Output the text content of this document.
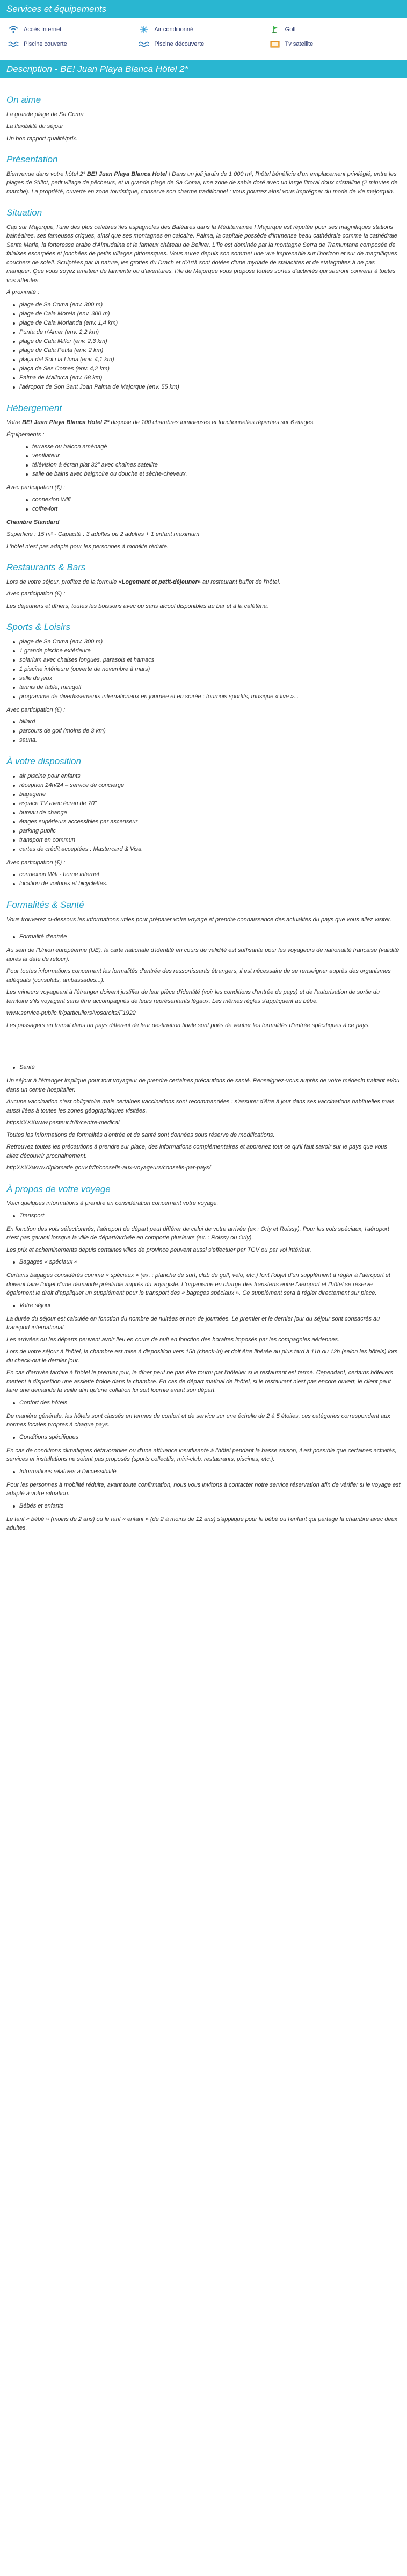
Services et équipements
Accès Internet	Air conditionné	Golf
Piscine couverte	Piscine découverte	Tv satellite
Description - BE! Juan Playa Blanca Hôtel 2*
On aime

La grande plage de Sa Coma

La flexibilité du séjour

Un bon rapport qualité/prix.

Présentation

Bienvenue dans votre hôtel 2* BE! Juan Playa Blanca Hotel ! Dans un joli jardin de 1 000 m², l'hôtel bénéficie d'un emplacement privilégié, entre les plages de S'Illot, petit village de pêcheurs, et la grande plage de Sa Coma, une zone de sable doré avec un large littoral doux cristalline (2 minutes de marche). La propriété, ouverte en zone touristique, conserve son charme traditionnel : vous pourrez ainsi vous imprégner du mode de vie majorquin.

Situation

Cap sur Majorque, l'une des plus célèbres îles espagnoles des Baléares dans la Méditerranée ! Majorque est réputée pour ses magnifiques stations balnéaires, ses fameuses criques, ainsi que ses montagnes en calcaire. Palma, la capitale possède d'immense beau cathédrale comme la cathédrale Santa Maria, la forteresse arabe d'Almudaina et le fameux château de Bellver. L'île est dominée par la montagne Serra de Tramuntana composée de falaises escarpées et jonchées de petits villages pittoresques. Vous aurez depuis son sommet une vue imprenable sur l'horizon et sur de magnifiques couchers de soleil. Sculptées par la nature, les grottes du Drach et d'Artà sont dotées d'une myriade de stalactites et de stalagmites à ne pas manquer. Que vous soyez amateur de farniente ou d'aventures, l'île de Majorque vous propose toutes sortes d'activités qui sauront convenir à toutes vos attentes.

À proximité :

plage de Sa Coma (env. 300 m)
plage de Cala Moreia (env. 300 m)
plage de Cala Morlanda (env. 1,4 km)
Punta de n'Amer (env. 2,2 km)
plage de Cala Millor (env. 2,3 km)
plage de Cala Petita (env. 2 km)
plaça del Sol i la Lluna (env. 4,1 km)
plaça de Ses Comes (env. 4,2 km)
Palma de Mallorca (env. 68 km)
l'aéroport de Son Sant Joan Palma de Majorque (env. 55 km)
Hébergement

Votre BE! Juan Playa Blanca Hotel 2* dispose de 100 chambres lumineuses et fonctionnelles réparties sur 6 étages.

Équipements :

terrasse ou balcon aménagé
ventilateur
télévision à écran plat 32" avec chaînes satellite
salle de bains avec baignoire ou douche et sèche-cheveux.

Avec participation (€) :

connexion Wifi
coffre-fort

Chambre Standard

Superficie : 15 m² - Capacité : 3 adultes ou 2 adultes + 1 enfant maximum

L'hôtel n'est pas adapté pour les personnes à mobilité réduite.

Restaurants & Bars

Lors de votre séjour, profitez de la formule «Logement et petit-déjeuner» au restaurant buffet de l'hôtel.

Avec participation (€) :

Les déjeuners et dîners, toutes les boissons avec ou sans alcool disponibles au bar et à la cafétéria.

Sports & Loisirs
plage de Sa Coma (env. 300 m)
1 grande piscine extérieure
solarium avec chaises longues, parasols et hamacs
1 piscine intérieure (ouverte de novembre à mars)
salle de jeux
tennis de table, minigolf
programme de divertissements internationaux en journée et en soirée : tournois sportifs, musique « live »...

Avec participation (€) :

billard
parcours de golf (moins de 3 km)
sauna.
À votre disposition
air piscine pour enfants
réception 24h/24 – service de concierge
bagagerie
espace TV avec écran de 70"
bureau de change
étages supérieurs accessibles par ascenseur
parking public
transport en commun
cartes de crédit acceptées : Mastercard & Visa.

Avec participation (€) :

connexion Wifi - borne internet
location de voitures et bicyclettes.
Formalités & Santé

Vous trouverez ci-dessous les informations utiles pour préparer votre voyage et prendre connaissance des actualités du pays que vous allez visiter.

Formalité d'entrée

Au sein de l'Union européenne (UE), la carte nationale d'identité en cours de validité est suffisante pour les voyageurs de nationalité française (validité après la date de retour).

Pour toutes informations concernant les formalités d'entrée des ressortissants étrangers, il est nécessaire de se renseigner auprès des organismes adéquats (consulats, ambassades...).

Les mineurs voyageant à l'étranger doivent justifier de leur pièce d'identité (voir les conditions d'entrée du pays) et de l'autorisation de sortie du territoire s'ils voyagent sans être accompagnés de leurs représentants légaux. Les mêmes règles s'appliquent au bébé.

www.service-public.fr/particuliers/vosdroits/F1922

Les passagers en transit dans un pays différent de leur destination finale sont priés de vérifier les formalités d'entrée spécifiques à ce pays.

Santé

Un séjour à l'étranger implique pour tout voyageur de prendre certaines précautions de santé. Renseignez-vous auprès de votre médecin traitant et/ou dans un centre hospitalier.

Aucune vaccination n'est obligatoire mais certaines vaccinations sont recommandées : s'assurer d'être à jour dans ses vaccinations habituelles mais aussi liées à toutes les zones géographiques visitées.

httpsXXXXwww.pasteur.fr/fr/centre-medical

Toutes les informations de formalités d'entrée et de santé sont données sous réserve de modifications.

Retrouvez toutes les précautions à prendre sur place, des informations complémentaires et apprenez tout ce qu'il faut savoir sur le pays que vous allez découvrir prochainement.

httpXXXXwww.diplomatie.gouv.fr/fr/conseils-aux-voyageurs/conseils-par-pays/

À propos de votre voyage

Voici quelques informations à prendre en considération concernant votre voyage.

Transport

En fonction des vols sélectionnés, l'aéroport de départ peut différer de celui de votre arrivée (ex : Orly et Roissy). Pour les vols spéciaux, l'aéroport n'est pas garanti lorsque la ville de départ/arrivée en comporte plusieurs (ex. : Roissy ou Orly).

Les prix et acheminements depuis certaines villes de province peuvent aussi s'effectuer par TGV ou par vol intérieur.

Bagages « spéciaux »

Certains bagages considérés comme « spéciaux » (ex. : planche de surf, club de golf, vélo, etc.) font l'objet d'un supplément à régler à l'aéroport et doivent faire l'objet d'une demande préalable auprès du voyagiste. L'organisme en charge des transferts entre l'aéroport et l'hôtel se réserve également le droit d'appliquer un supplément pour le transport des « bagages spéciaux ». Ce supplément sera à régler directement sur place.

Votre séjour

La durée du séjour est calculée en fonction du nombre de nuitées et non de journées. Le premier et le dernier jour du séjour sont consacrés au transport international.

Les arrivées ou les départs peuvent avoir lieu en cours de nuit en fonction des horaires imposés par les compagnies aériennes.

Lors de votre séjour à l'hôtel, la chambre est mise à disposition vers 15h (check-in) et doit être libérée au plus tard à 11h ou 12h (selon les hôtels) lors du check-out le dernier jour.

En cas d'arrivée tardive à l'hôtel le premier jour, le dîner peut ne pas être fourni par l'hôtelier si le restaurant est fermé. Cependant, certains hôteliers mettent à disposition une assiette froide dans la chambre. En cas de départ matinal de l'hôtel, si le restaurant n'est pas encore ouvert, le client peut faire une demande la veille afin qu'une collation lui soit fournie avant son départ.

Confort des hôtels

De manière générale, les hôtels sont classés en termes de confort et de service sur une échelle de 2 à 5 étoiles, ces catégories correspondent aux normes locales propres à chaque pays.

Conditions spécifiques

En cas de conditions climatiques défavorables ou d'une affluence insuffisante à l'hôtel pendant la basse saison, il est possible que certaines activités, services et installations ne soient pas proposés (sports collectifs, mini-club, restaurants, piscines, etc.).

Informations relatives à l'accessibilité

Pour les personnes à mobilité réduite, avant toute confirmation, nous vous invitons à contacter notre service réservation afin de vérifier si le voyage est adapté à votre situation.

Bébés et enfants

Le tarif « bébé » (moins de 2 ans) ou le tarif « enfant » (de 2 à moins de 12 ans) s'applique pour le bébé ou l'enfant qui partage la chambre avec deux adultes.
